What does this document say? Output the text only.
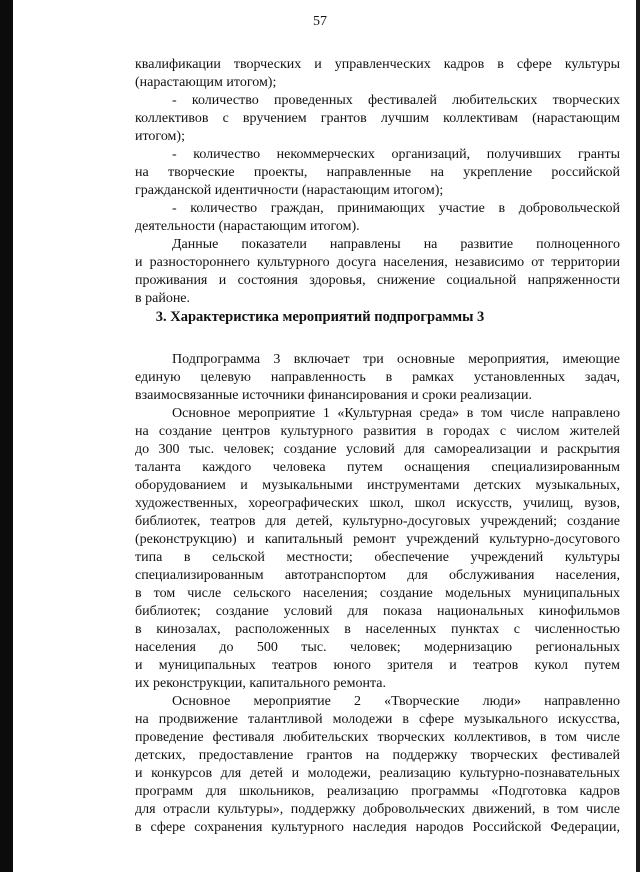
57
квалификации творческих и управленческих кадров в сфере культуры
(нарастающим итогом);
- количество проведенных фестивалей любительских творческих
коллективов с вручением грантов лучшим коллективам (нарастающим
итогом);
- количество некоммерческих организаций, получивших гранты
на творческие проекты, направленные на укрепление российской
гражданской идентичности (нарастающим итогом);
- количество граждан, принимающих участие в добровольческой
деятельности (нарастающим итогом).
Данные показатели направлены на развитие полноценного
и разностороннего культурного досуга населения, независимо от территории
проживания и состояния здоровья, снижение социальной напряженности
в районе.
3. Характеристика мероприятий подпрограммы 3
Подпрограмма 3 включает три основные мероприятия, имеющие
единую целевую направленность в рамках установленных задач,
взаимосвязанные источники финансирования и сроки реализации.
Основное мероприятие 1 «Культурная среда» в том числе направлено
на создание центров культурного развития в городах с числом жителей
до 300 тыс. человек; создание условий для самореализации и раскрытия
таланта каждого человека путем оснащения специализированным
оборудованием и музыкальными инструментами детских музыкальных,
художественных, хореографических школ, школ искусств, училищ, вузов,
библиотек, театров для детей, культурно-досуговых учреждений; создание
(реконструкцию) и капитальный ремонт учреждений культурно-досугового
типа в сельской местности; обеспечение учреждений культуры
специализированным автотранспортом для обслуживания населения,
в том числе сельского населения; создание модельных муниципальных
библиотек; создание условий для показа национальных кинофильмов
в кинозалах, расположенных в населенных пунктах с численностью
населения до 500 тыс. человек; модернизацию региональных
и муниципальных театров юного зрителя и театров кукол путем
их реконструкции, капитального ремонта.
Основное мероприятие 2 «Творческие люди» направленно
на продвижение талантливой молодежи в сфере музыкального искусства,
проведение фестиваля любительских творческих коллективов, в том числе
детских, предоставление грантов на поддержку творческих фестивалей
и конкурсов для детей и молодежи, реализацию культурно-познавательных
программ для школьников, реализацию программы «Подготовка кадров
для отрасли культуры», поддержку добровольческих движений, в том числе
в сфере сохранения культурного наследия народов Российской Федерации,
